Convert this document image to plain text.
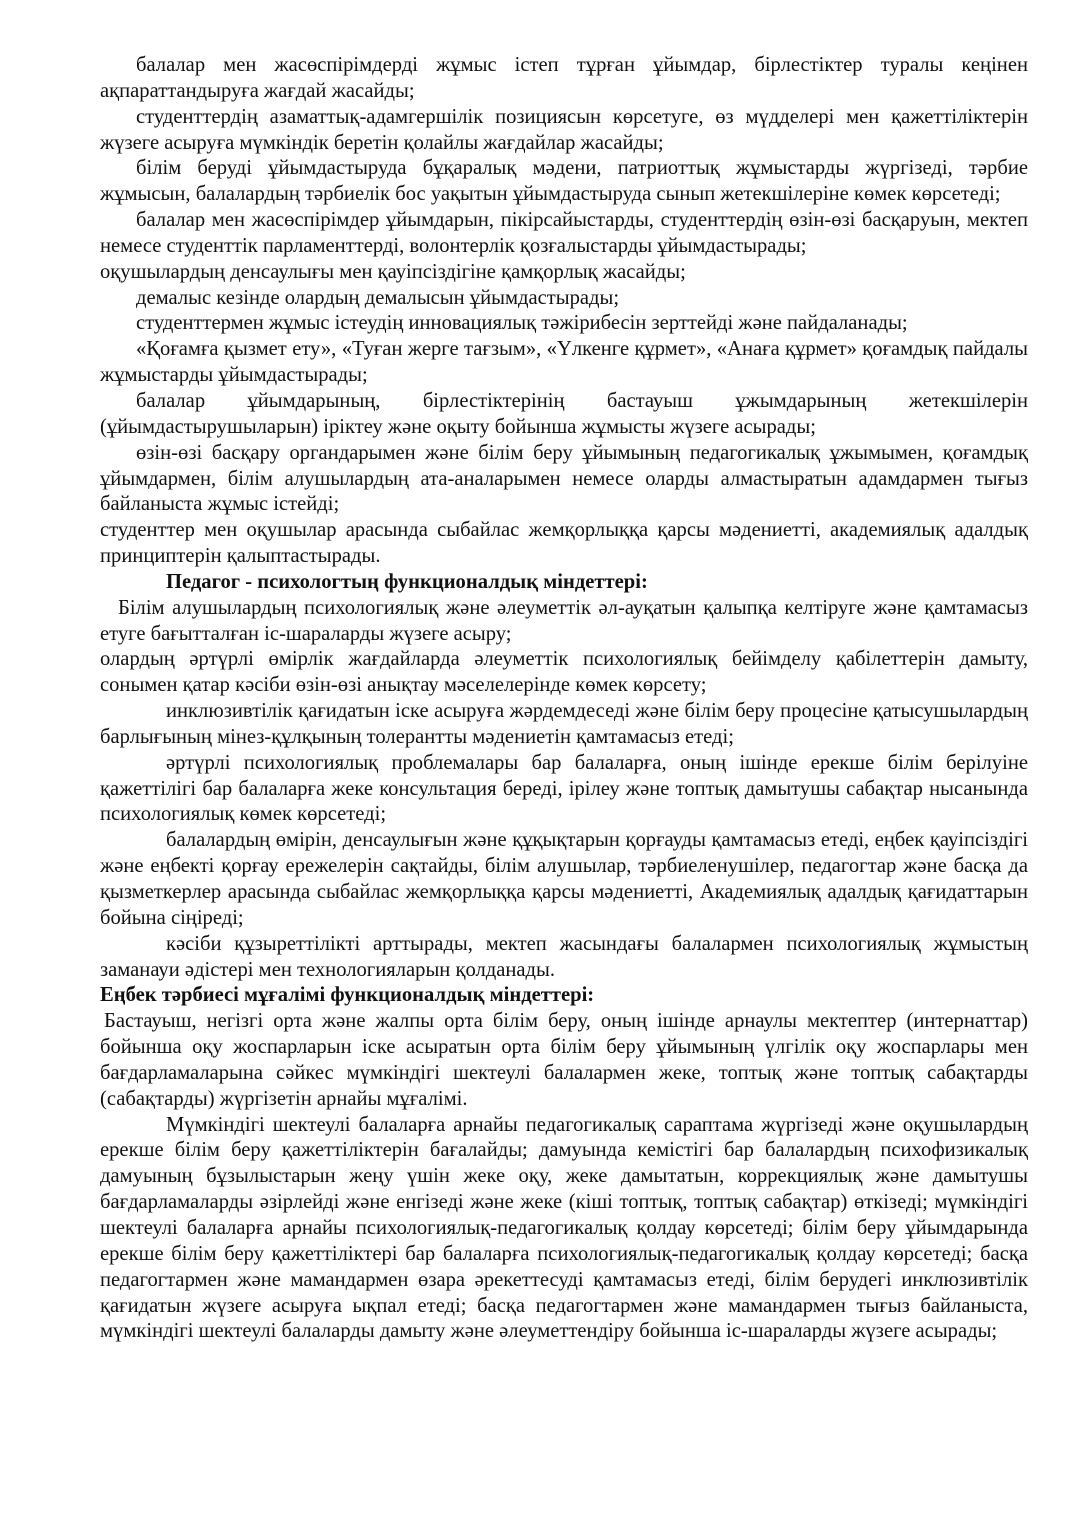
балалар мен жасөспірімдерді жұмыс істеп тұрған ұйымдар, бірлестіктер туралы кеңінен ақпараттандыруға жағдай жасайды;

студенттердің азаматтық-адамгершілік позициясын көрсетуге, өз мүдделері мен қажеттіліктерін жүзеге асыруға мүмкіндік беретін қолайлы жағдайлар жасайды;

білім беруді ұйымдастыруда бұқаралық мәдени, патриоттық жұмыстарды жүргізеді, тәрбие жұмысын, балалардың тәрбиелік бос уақытын ұйымдастыруда сынып жетекшілеріне көмек көрсетеді;

балалар мен жасөспірімдер ұйымдарын, пікірсайыстарды, студенттердің өзін-өзі басқаруын, мектеп немесе студенттік парламенттерді, волонтерлік қозғалыстарды ұйымдастырады;

оқушылардың денсаулығы мен қауіпсіздігіне қамқорлық жасайды;

демалыс кезінде олардың демалысын ұйымдастырады;

студенттермен жұмыс істеудің инновациялық тәжірибесін зерттейді және пайдаланады;

«Қоғамға қызмет ету», «Туған жерге тағзым», «Үлкенге құрмет», «Анаға құрмет» қоғамдық пайдалы жұмыстарды ұйымдастырады;

балалар ұйымдарының, бірлестіктерінің бастауыш ұжымдарының жетекшілерін (ұйымдастырушыларын) іріктеу және оқыту бойынша жұмысты жүзеге асырады;

өзін-өзі басқару органдарымен және білім беру ұйымының педагогикалық ұжымымен, қоғамдық ұйымдармен, білім алушылардың ата-аналарымен немесе оларды алмастыратын адамдармен тығыз байланыста жұмыс істейді;

студенттер мен оқушылар арасында сыбайлас жемқорлыққа қарсы мәдениетті, академиялық адалдық принциптерін қалыптастырады.

Педагог - психологтың функционалдық міндеттері:

Білім алушылардың психологиялық және әлеуметтік әл-ауқатын қалыпқа келтіруге және қамтамасыз етуге бағытталған іс-шараларды жүзеге асыру;

олардың әртүрлі өмірлік жағдайларда әлеуметтік психологиялық бейімделу қабілеттерін дамыту, сонымен қатар кәсіби өзін-өзі анықтау мәселелерінде көмек көрсету;

инклюзивтілік қағидатын іске асыруға жәрдемдеседі және білім беру процесіне қатысушылардың барлығының мінез-құлқының толерантты мәдениетін қамтамасыз етеді;

әртүрлі психологиялық проблемалары бар балаларға, оның ішінде ерекше білім берілуіне қажеттілігі бар балаларға жеке консультация береді, ірілеу және топтық дамытушы сабақтар нысанында психологиялық көмек көрсетеді;

балалардың өмірін, денсаулығын және құқықтарын қорғауды қамтамасыз етеді, еңбек қауіпсіздігі және еңбекті қорғау ережелерін сақтайды, білім алушылар, тәрбиеленушілер, педагогтар және басқа да қызметкерлер арасында сыбайлас жемқорлыққа қарсы мәдениетті, Академиялық адалдық қағидаттарын бойына сіңіреді;

кәсіби құзыреттілікті арттырады, мектеп жасындағы балалармен психологиялық жұмыстың заманауи әдістері мен технологияларын қолданады.

Еңбек тәрбиесі мұғалімі функционалдық міндеттері:

Бастауыш, негізгі орта және жалпы орта білім беру, оның ішінде арнаулы мектептер (интернаттар) бойынша оқу жоспарларын іске асыратын орта білім беру ұйымының үлгілік оқу жоспарлары мен бағдарламаларына сәйкес мүмкіндігі шектеулі балалармен жеке, топтық және топтық сабақтарды (сабақтарды) жүргізетін арнайы мұғалімі.

Мүмкіндігі шектеулі балаларға арнайы педагогикалық сараптама жүргізеді және оқушылардың ерекше білім беру қажеттіліктерін бағалайды; дамуында кемістігі бар балалардың психофизикалық дамуының бұзылыстарын жеңу үшін жеке оқу, жеке дамытатын, коррекциялық және дамытушы бағдарламаларды әзірлейді және енгізеді және жеке (кіші топтық, топтық сабақтар) өткізеді; мүмкіндігі шектеулі балаларға арнайы психологиялық-педагогикалық қолдау көрсетеді; білім беру ұйымдарында ерекше білім беру қажеттіліктері бар балаларға психологиялық-педагогикалық қолдау көрсетеді; басқа педагогтармен және мамандармен өзара әрекеттесуді қамтамасыз етеді, білім берудегі инклюзивтілік қағидатын жүзеге асыруға ықпал етеді; басқа педагогтармен және мамандармен тығыз байланыста, мүмкіндігі шектеулі балаларды дамыту және әлеуметтендіру бойынша іс-шараларды жүзеге асырады;
